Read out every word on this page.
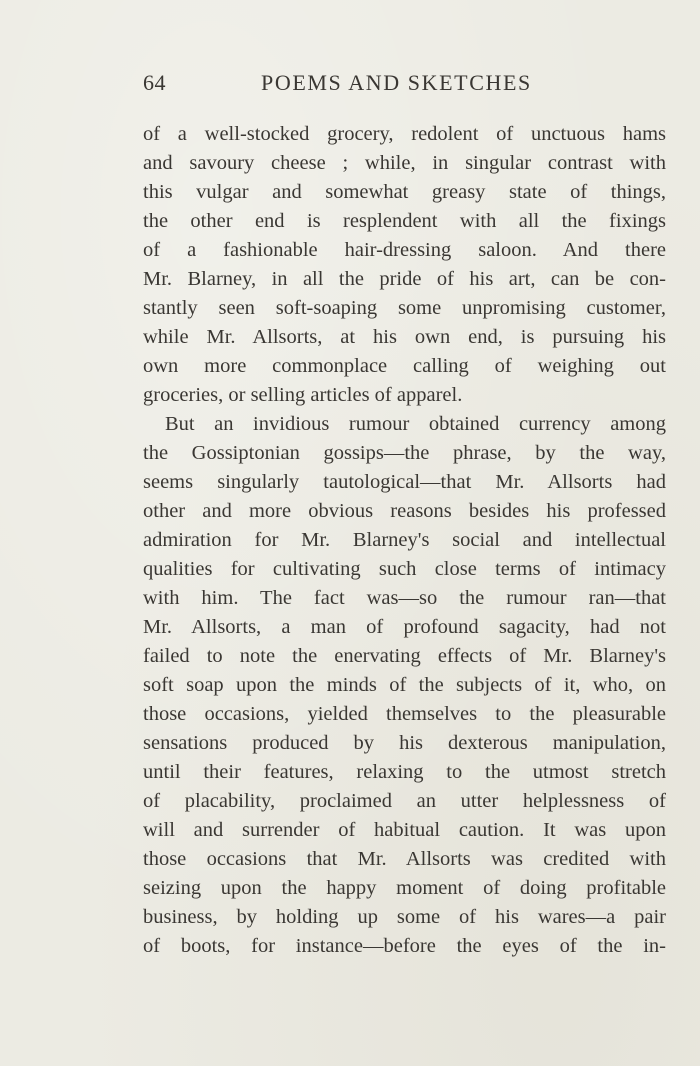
64	POEMS AND SKETCHES
of a well-stocked grocery, redolent of unctuous hams
and savoury cheese ; while, in singular contrast with
this vulgar and somewhat greasy state of things,
the other end is resplendent with all the fixings
of a fashionable hair-dressing saloon. And there
Mr. Blarney, in all the pride of his art, can be con-
stantly seen soft-soaping some unpromising customer,
while Mr. Allsorts, at his own end, is pursuing his
own more commonplace calling of weighing out
groceries, or selling articles of apparel.
But an invidious rumour obtained currency among
the Gossiptonian gossips—the phrase, by the way,
seems singularly tautological—that Mr. Allsorts had
other and more obvious reasons besides his professed
admiration for Mr. Blarney's social and intellectual
qualities for cultivating such close terms of intimacy
with him. The fact was—so the rumour ran—that
Mr. Allsorts, a man of profound sagacity, had not
failed to note the enervating effects of Mr. Blarney's
soft soap upon the minds of the subjects of it, who, on
those occasions, yielded themselves to the pleasurable
sensations produced by his dexterous manipulation,
until their features, relaxing to the utmost stretch
of placability, proclaimed an utter helplessness of
will and surrender of habitual caution. It was upon
those occasions that Mr. Allsorts was credited with
seizing upon the happy moment of doing profitable
business, by holding up some of his wares—a pair
of boots, for instance—before the eyes of the in-
